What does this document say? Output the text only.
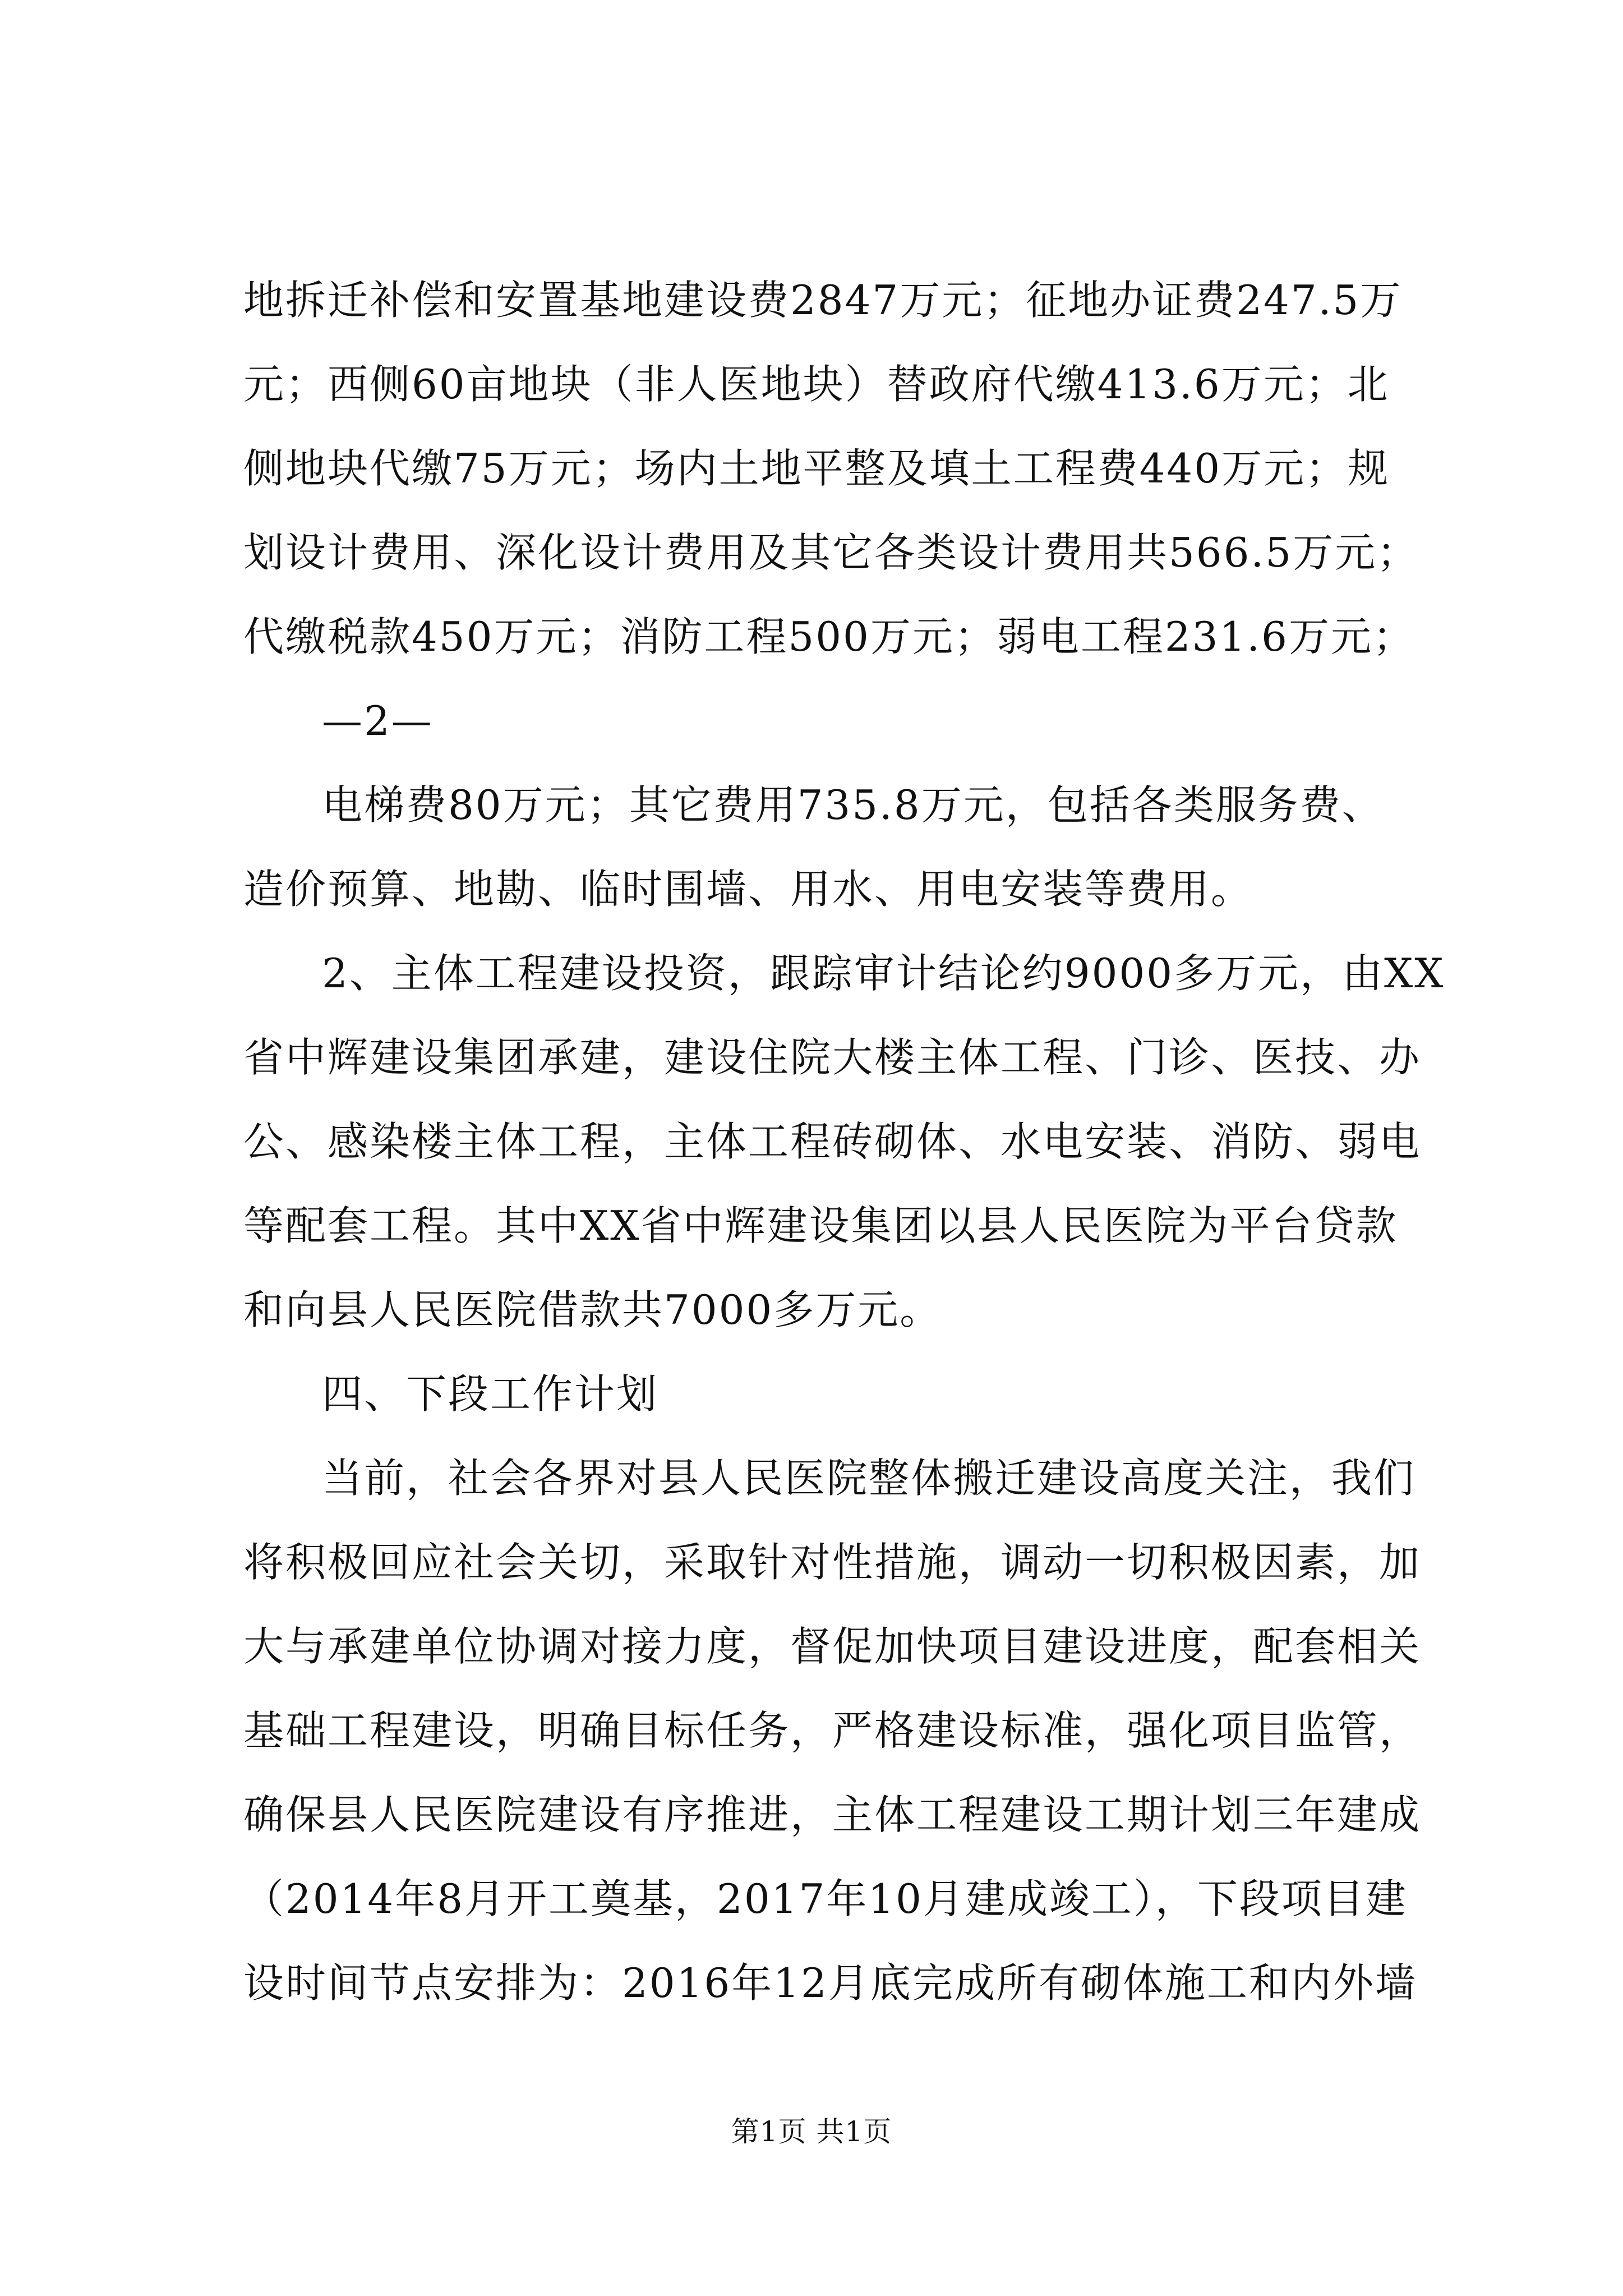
地拆迁补偿和安置基地建设费2847万元；征地办证费247.5万
元；西侧60亩地块（非人医地块）替政府代缴413.6万元；北
侧地块代缴75万元；场内土地平整及填土工程费440万元；规
划设计费用、深化设计费用及其它各类设计费用共566.5万元；
代缴税款450万元；消防工程500万元；弱电工程231.6万元；
—2—
电梯费80万元；其它费用735.8万元，包括各类服务费、
造价预算、地勘、临时围墙、用水、用电安装等费用。
2、主体工程建设投资，跟踪审计结论约9000多万元，由XX
省中辉建设集团承建，建设住院大楼主体工程、门诊、医技、办
公、感染楼主体工程，主体工程砖砌体、水电安装、消防、弱电
等配套工程。其中XX省中辉建设集团以县人民医院为平台贷款
和向县人民医院借款共7000多万元。
四、下段工作计划
当前，社会各界对县人民医院整体搬迁建设高度关注，我们
将积极回应社会关切，采取针对性措施，调动一切积极因素，加
大与承建单位协调对接力度，督促加快项目建设进度，配套相关
基础工程建设，明确目标任务，严格建设标准，强化项目监管，
确保县人民医院建设有序推进，主体工程建设工期计划三年建成
（2014年8月开工奠基，2017年10月建成竣工），下段项目建
设时间节点安排为：2016年12月底完成所有砌体施工和内外墙
第1页 共1页
